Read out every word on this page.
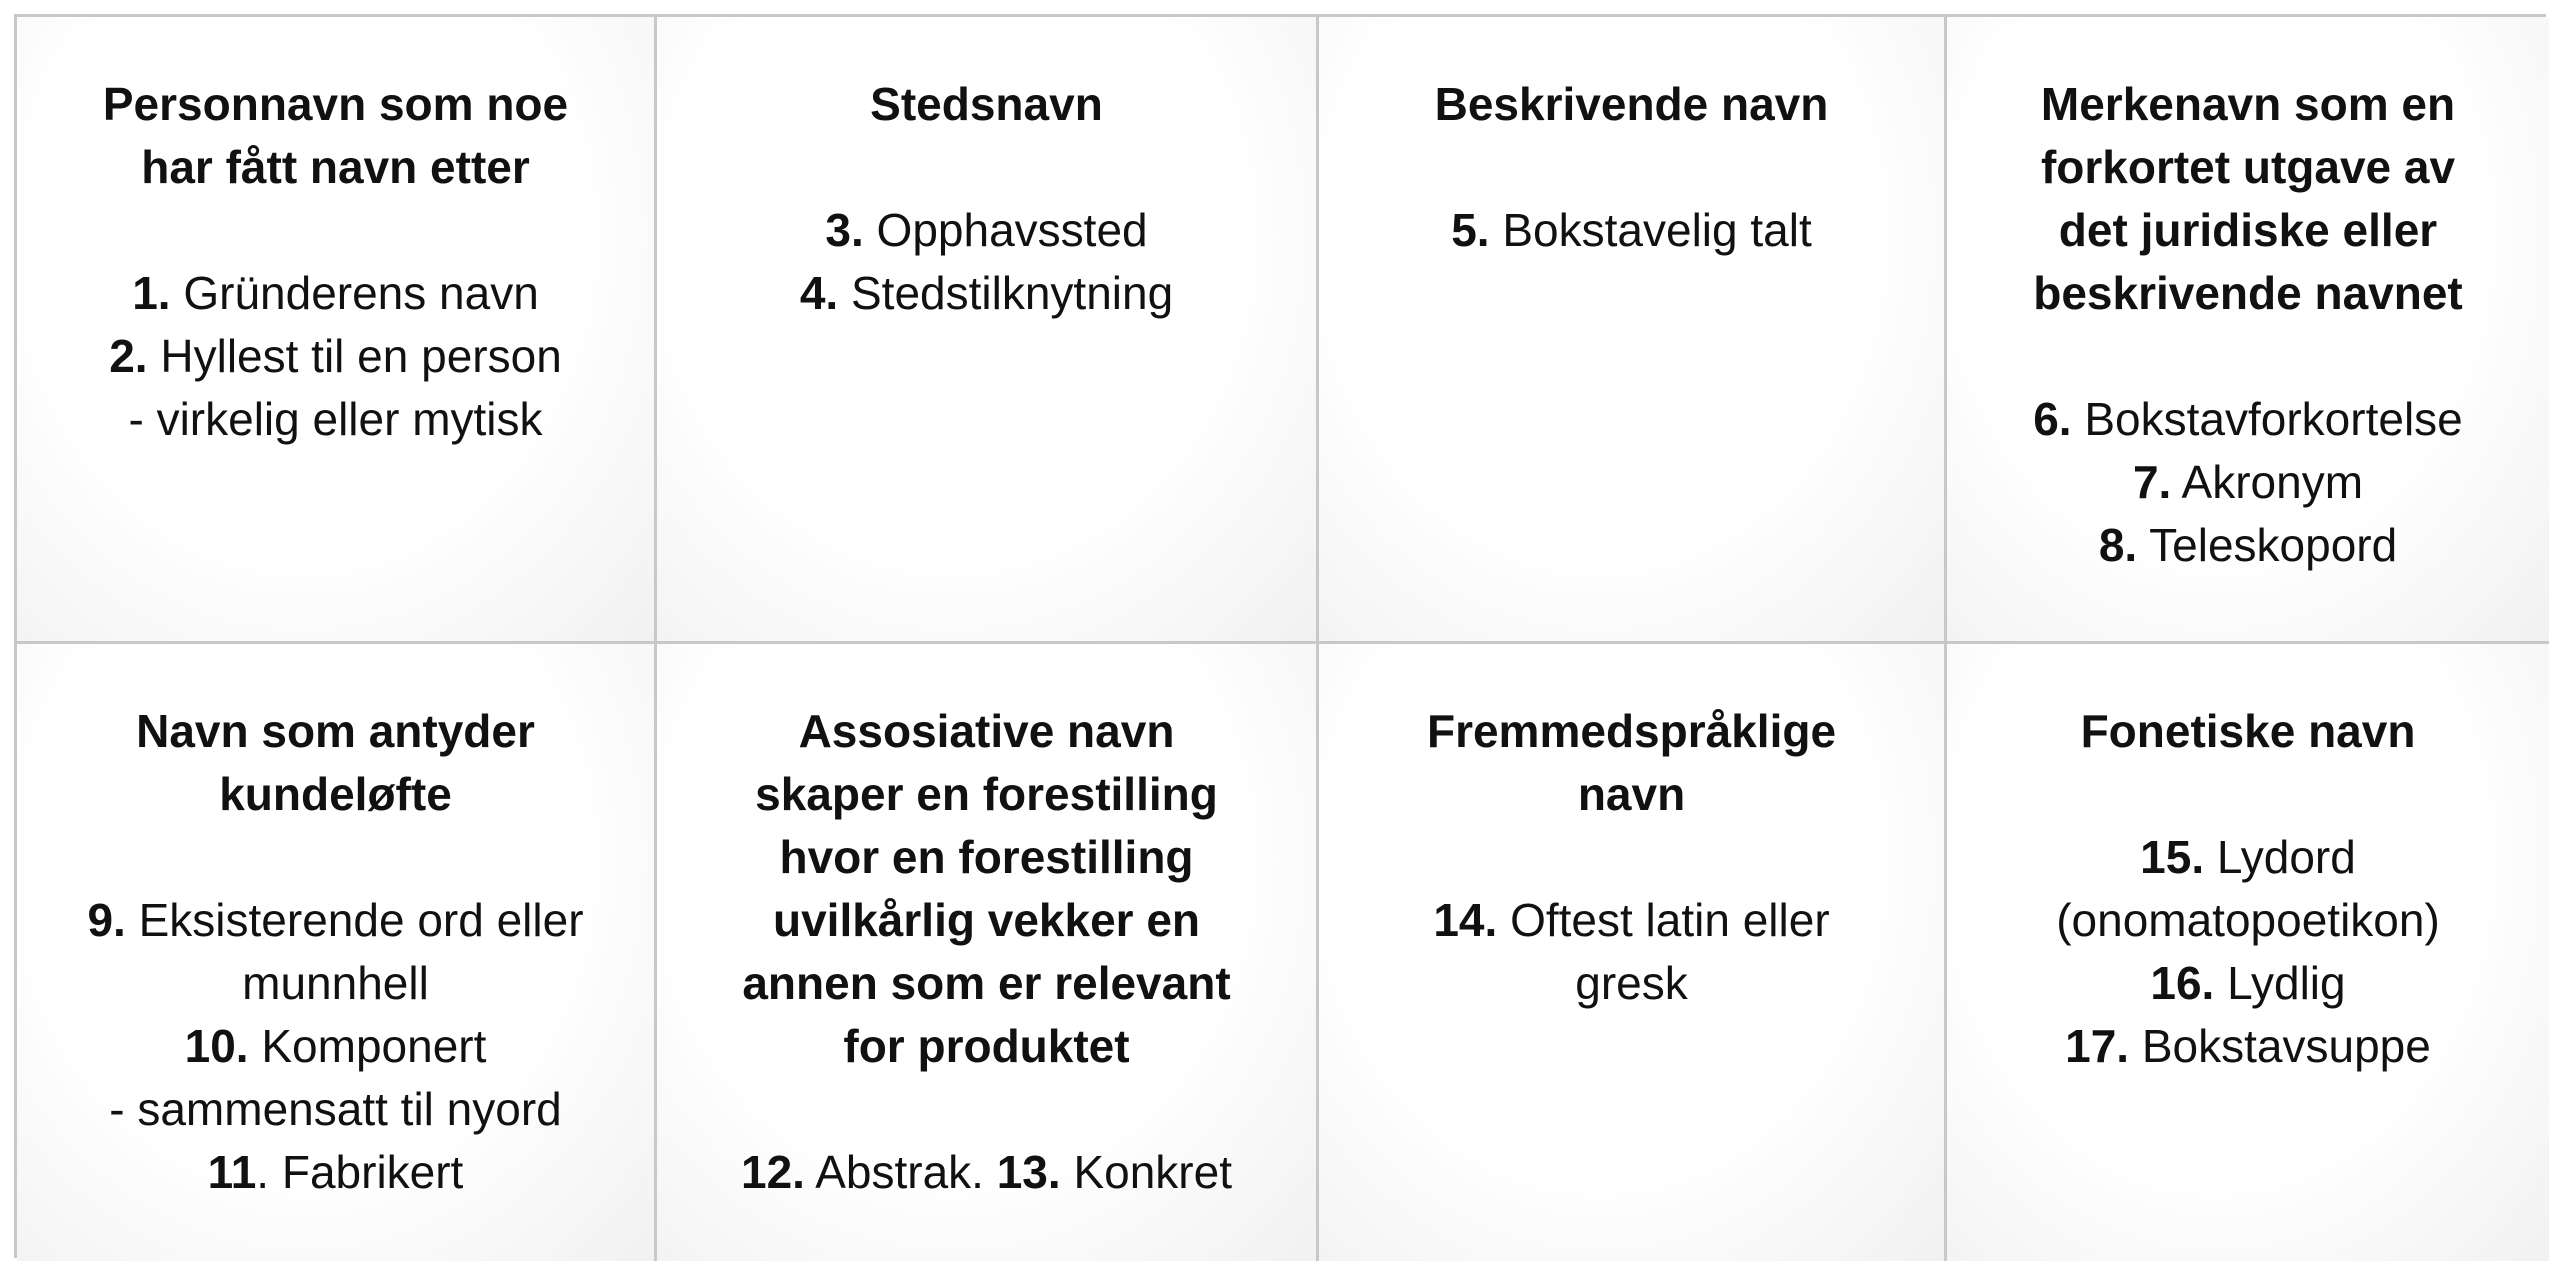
Personnavn som noe
har fått navn etter
1. Gründerens navn
2. Hyllest til en person
- virkelig eller mytisk
Stedsnavn
3. Opphavssted
4. Stedstilknytning
Beskrivende navn
5. Bokstavelig talt
Merkenavn som en
forkortet utgave av
det juridiske eller
beskrivende navnet
6. Bokstavforkortelse
7. Akronym
8. Teleskopord
Navn som antyder
kundeløfte
9. Eksisterende ord eller
munnhell
10. Komponert
- sammensatt til nyord
11. Fabrikert
Assosiative navn
skaper en forestilling
hvor en forestilling
uvilkårlig vekker en
annen som er relevant
for produktet
12. Abstrak. 13. Konkret
Fremmedspråklige
navn
14. Oftest latin eller
gresk
Fonetiske navn
15. Lydord
(onomatopoetikon)
16. Lydlig
17. Bokstavsuppe
